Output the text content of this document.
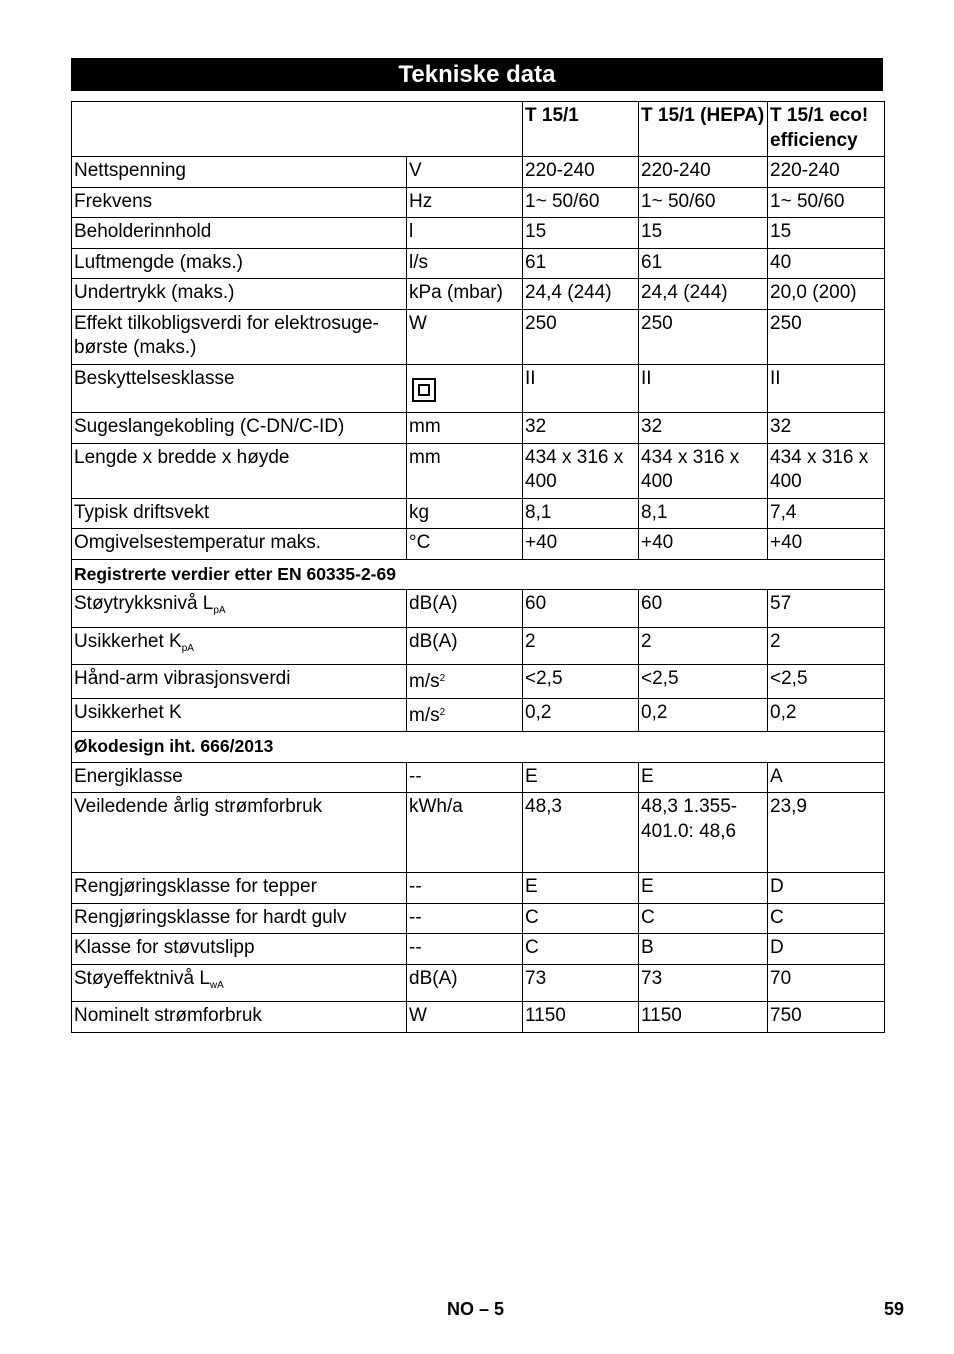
Tekniske data
		T 15/1	T 15/1 (HEPA)	T 15/1 eco! efficiency
Nettspenning	V	220-240	220-240	220-240
Frekvens	Hz	1~ 50/60	1~ 50/60	1~ 50/60
Beholderinnhold	l	15	15	15
Luftmengde (maks.)	l/s	61	61	40
Undertrykk (maks.)	kPa (mbar)	24,4 (244)	24,4 (244)	20,0 (200)
Effekt tilkobligsverdi for elektrosuge-børste (maks.)	W	250	250	250
Beskyttelsesklasse		II	II	II
Sugeslangekobling (C-DN/C-ID)	mm	32	32	32
Lengde x bredde x høyde	mm	434 x 316 x 400	434 x 316 x 400	434 x 316 x 400
Typisk driftsvekt	kg	8,1	8,1	7,4
Omgivelsestemperatur maks.	°C	+40	+40	+40
Registrerte verdier etter EN 60335-2-69				
Støytrykksnivå $L_{pA}$	dB(A)	60	60	57
Usikkerhet $K_{pA}$	dB(A)	2	2	2
Hånd-arm vibrasjonsverdi	$m/s^2$	<2,5	<2,5	<2,5
Usikkerhet K	$m/s^2$	0,2	0,2	0,2
Økodesign iht. 666/2013				
Energiklasse	--	E	E	A
Veiledende årlig strømforbruk	kWh/a	48,3	48,3 1.355-401.0: 48,6	23,9
Rengjøringsklasse for tepper	--	E	E	D
Rengjøringsklasse for hardt gulv	--	C	C	C
Klasse for støvutslipp	--	C	B	D
Støyeffektnivå $L_{wA}$	dB(A)	73	73	70
Nominelt strømforbruk	W	1150	1150	750
NO – 5	59
